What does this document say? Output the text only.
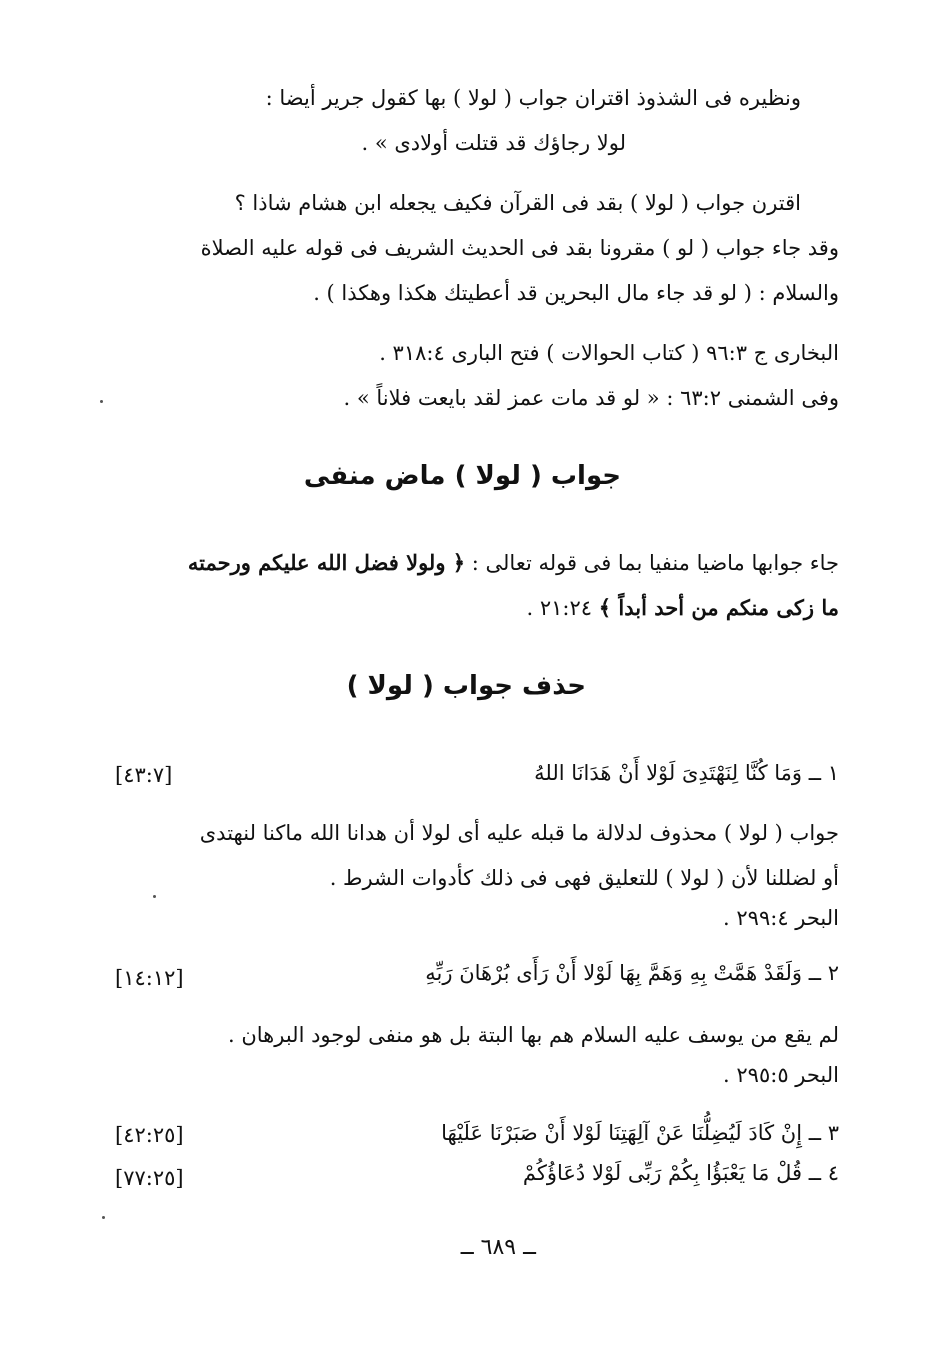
ونظيره فى الشذوذ اقتران جواب ( لولا ) بها كقول جرير أيضا :
لولا رجاؤك قد قتلت أولادى » .
اقترن جواب ( لولا ) بقد فى القرآن فكيف يجعله ابن هشام شاذا ؟
وقد جاء جواب ( لو ) مقرونا بقد فى الحديث الشريف فى قوله عليه الصلاة
والسلام : ( لو قد جاء مال البحرين قد أعطيتك هكذا وهكذا ) .
البخارى ج ٩٦:٣ ( كتاب الحوالات ) فتح البارى ٣١٨:٤ .
وفى الشمنى ٦٣:٢ : « لو قد مات عمز لقد بايعت فلاناً » .
جواب ( لولا ) ماض منفى
جاء جوابها ماضيا منفيا بما فى قوله تعالى : ﴿ ولولا فضل الله عليكم ورحمته
ما زكى منكم من أحد أبداً ﴾ ٢١:٢٤ .
حذف جواب ( لولا )
١ ــ وَمَا كُنَّا لِنَهْتَدِىَ لَوْلا أَنْ هَدَانَا اللهُ
[٤٣:٧]
جواب ( لولا ) محذوف لدلالة ما قبله عليه أى لولا أن هدانا الله ماكنا لنهتدى
أو لضللنا لأن ( لولا ) للتعليق فهى فى ذلك كأدوات الشرط .
البحر ٢٩٩:٤ .
٢ ــ وَلَقَدْ هَمَّتْ بِهِ وَهَمَّ بِهَا لَوْلا أَنْ رَأَى بُرْهَانَ رَبِّهِ
[١٤:١٢]
لم يقع من يوسف عليه السلام هم بها البتة بل هو منفى لوجود البرهان .
البحر ٢٩٥:٥ .
٣ ــ إِنْ كَادَ لَيُضِلُّنَا عَنْ آلِهَتِنَا لَوْلا أَنْ صَبَرْنَا عَلَيْهَا
[٤٢:٢٥]
٤ ــ قُلْ مَا يَعْبَؤُا بِكُمْ رَبِّى لَوْلا دُعَاؤُكُمْ
[٧٧:٢٥]
ــ ٦٨٩ ــ
